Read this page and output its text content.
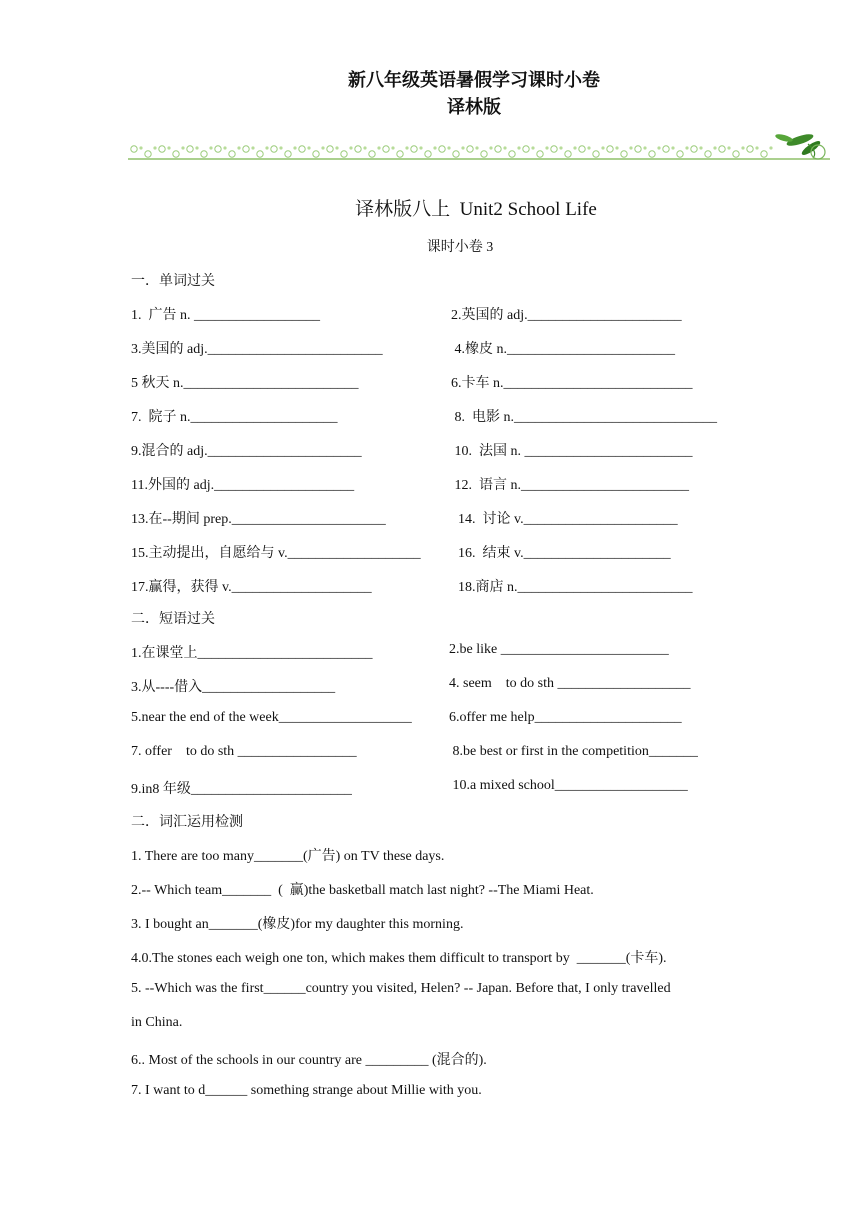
新八年级英语暑假学习课时小卷
译林版
译林版八上  Unit2 School Life
课时小卷 3
一．单词过关
1.  广告 n. __________________	2.英国的 adj.______________________
3.美国的 adj._________________________	4.橡皮 n.________________________
5 秋天 n._________________________	6.卡车 n.___________________________
7.  院子 n._____________________	8.  电影 n._____________________________
9.混合的 adj.______________________	10.  法国 n. ________________________
11.外国的 adj.____________________	12.  语言 n.________________________
13.在--期间 prep.______________________	14.  讨论 v.______________________
15.主动提出，自愿给与 v.___________________ 16.  结束 v._____________________
17.赢得，获得 v.____________________	18.商店 n._________________________
二．短语过关
1.在课堂上_________________________	2.be like ________________________
3.从----借入___________________	4. seem    to do sth ___________________
5.near the end of the week___________________	6.offer me help_____________________
7. offer    to do sth _________________	8.be best or first in the competition_______
9.in8 年级_______________________	10.a mixed school___________________
二．词汇运用检测
1. There are too many_______(广告) on TV these days.
2.-- Which team_______  (  赢)the basketball match last night? --The Miami Heat.
3. I bought an_______(橡皮)for my daughter this morning.
4.0.The stones each weigh one ton, which makes them difficult to transport by  _______(卡车).
5. --Which was the first______country you visited, Helen? -- Japan. Before that, I only travelled
in China.
6.. Most of the schools in our country are _________ (混合的).
7. I want to d______ something strange about Millie with you.
